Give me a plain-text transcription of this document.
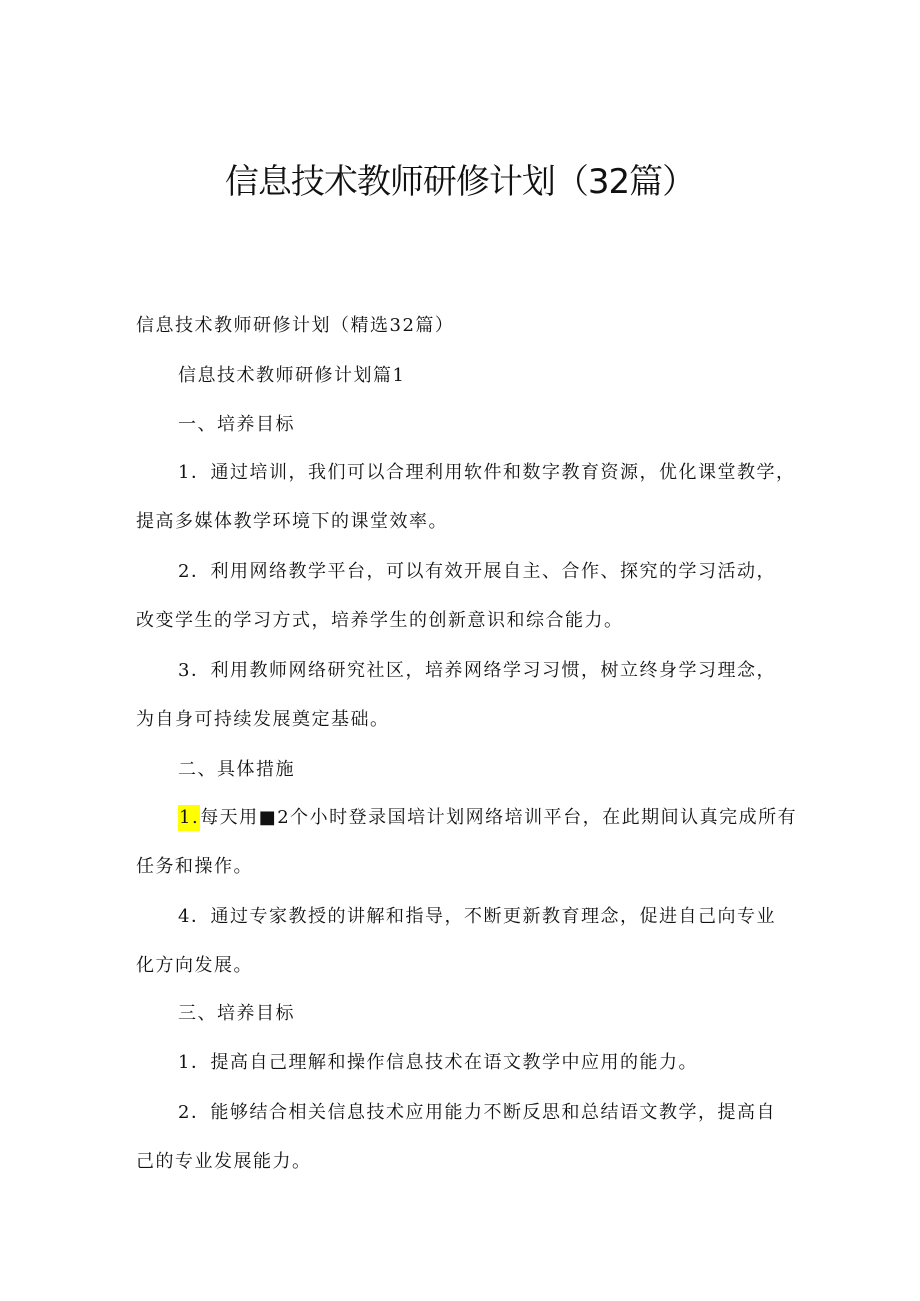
信息技术教师研修计划（32篇）
信息技术教师研修计划（精选32篇）
信息技术教师研修计划篇1
一、培养目标
1．通过培训，我们可以合理利用软件和数字教育资源，优化课堂教学，
提高多媒体教学环境下的课堂效率。
2．利用网络教学平台，可以有效开展自主、合作、探究的学习活动，
改变学生的学习方式，培养学生的创新意识和综合能力。
3．利用教师网络研究社区，培养网络学习习惯，树立终身学习理念，
为自身可持续发展奠定基础。
二、具体措施
1.每天用■2个小时登录国培计划网络培训平台，在此期间认真完成所有
任务和操作。
4．通过专家教授的讲解和指导，不断更新教育理念，促进自己向专业
化方向发展。
三、培养目标
1．提高自己理解和操作信息技术在语文教学中应用的能力。
2．能够结合相关信息技术应用能力不断反思和总结语文教学，提高自
己的专业发展能力。
